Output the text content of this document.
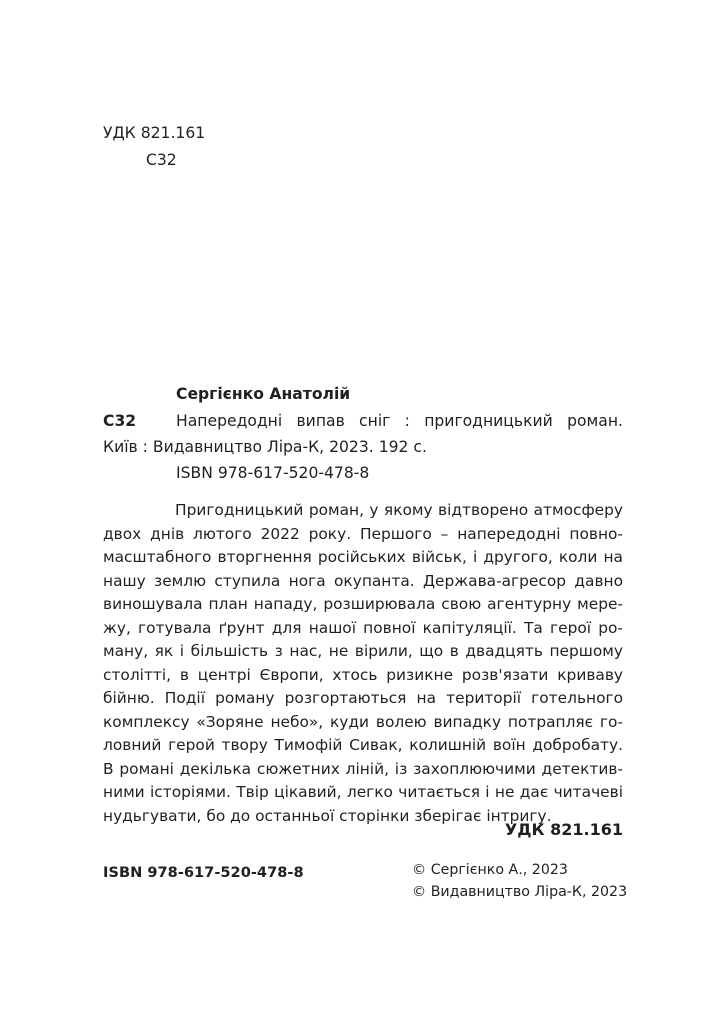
УДК 821.161
С32
Сергієнко Анатолій
С32	Напередодні випав сніг : пригодницький роман.
Київ : Видавництво Ліра-К, 2023. 192 с.
ISBN 978-617-520-478-8
Пригодницький роман, у якому відтворено атмосферу
двох днів лютого 2022 року. Першого – напередодні повно-
масштабного вторгнення російських військ, і другого, коли на
нашу землю ступила нога окупанта. Держава-агресор давно
виношувала план нападу, розширювала свою агентурну мере-
жу, готувала ґрунт для нашої повної капітуляції. Та герої ро-
ману, як і більшість з нас, не вірили, що в двадцять першому
столітті, в центрі Європи, хтось ризикне розв'язати криваву
бійню. Події роману розгортаються на території готельного
комплексу «Зоряне небо», куди волею випадку потрапляє го-
ловний герой твору Тимофій Сивак, колишній воїн добробату.
В романі декілька сюжетних ліній, із захоплюючими детектив-
ними історіями. Твір цікавий, легко читається і не дає читачеві
нудьгувати, бо до останньої сторінки зберігає інтригу.
УДК 821.161
ISBN 978-617-520-478-8	© Сергієнко А., 2023
© Видавництво Ліра-К, 2023
